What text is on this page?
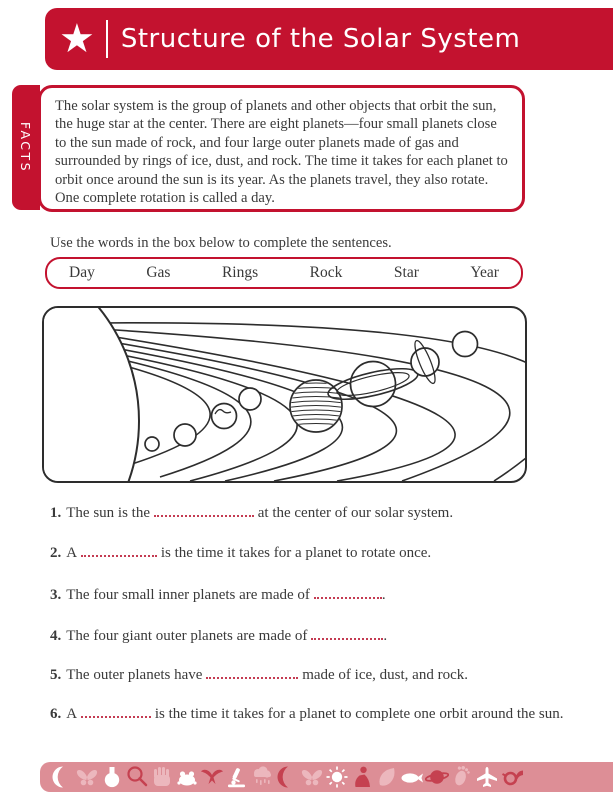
★ Structure of the Solar System
FACTS
The solar system is the group of planets and other objects that orbit the sun, the huge star at the center. There are eight planets—four small planets close to the sun made of rock, and four large outer planets made of gas and surrounded by rings of ice, dust, and rock. The time it takes for each planet to orbit once around the sun is its year. As the planets travel, they also rotate. One complete rotation is called a day.
Use the words in the box below to complete the sentences.
Day	Gas	Rings	Rock	Star	Year
1. The sun is the	at the center of our solar system.
2. A	is the time it takes for a planet to rotate once.
3. The four small inner planets are made of	.
4. The four giant outer planets are made of	.
5. The outer planets have	made of ice, dust, and rock.
6. A	is the time it takes for a planet to complete one orbit around the sun.
